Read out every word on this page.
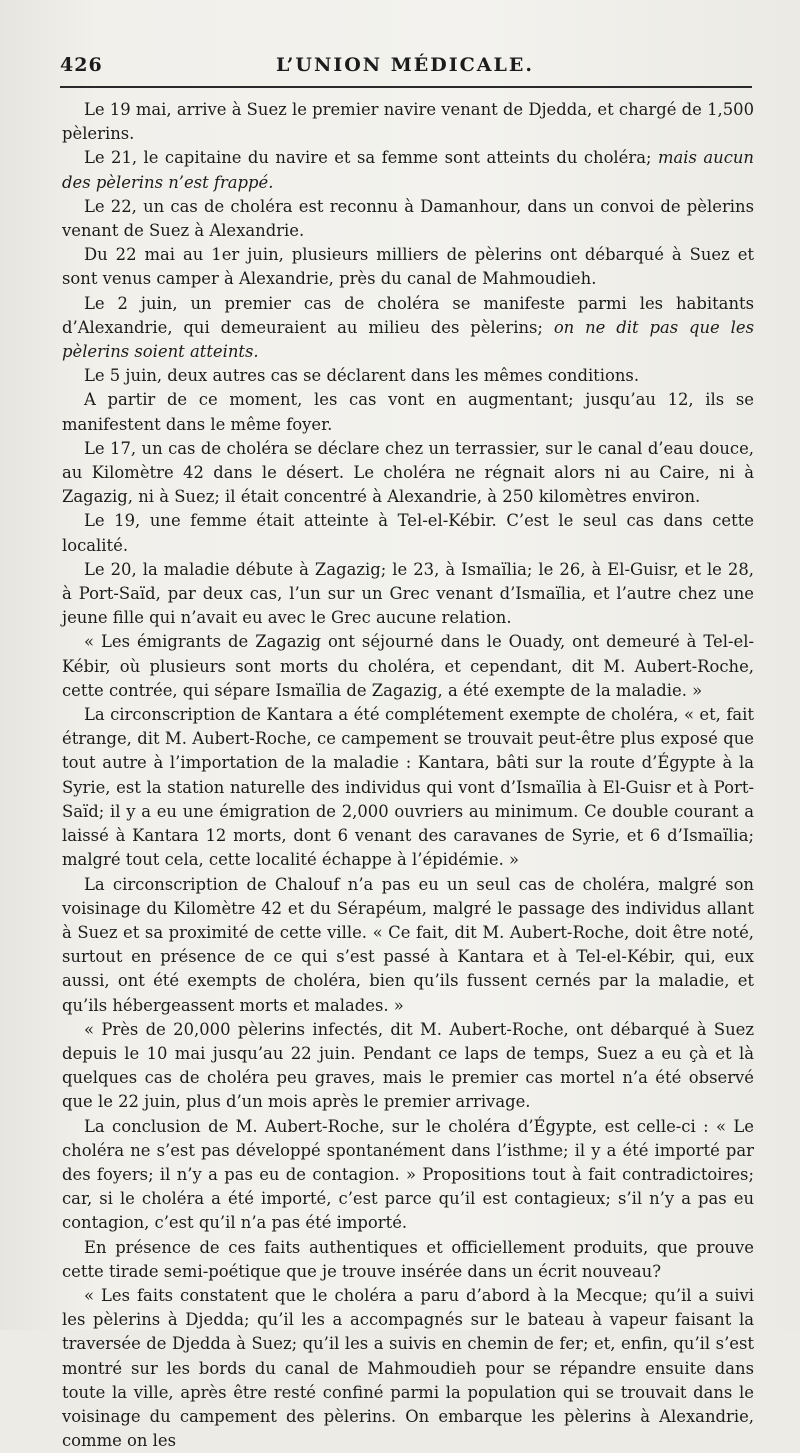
426	L’UNION MÉDICALE.

Le 19 mai, arrive à Suez le premier navire venant de Djedda, et chargé de 1,500 pèlerins.

Le 21, le capitaine du navire et sa femme sont atteints du choléra; mais aucun des pèlerins n’est frappé.

Le 22, un cas de choléra est reconnu à Damanhour, dans un convoi de pèlerins venant de Suez à Alexandrie.

Du 22 mai au 1er juin, plusieurs milliers de pèlerins ont débarqué à Suez et sont venus camper à Alexandrie, près du canal de Mahmoudieh.

Le 2 juin, un premier cas de choléra se manifeste parmi les habitants d’Alexandrie, qui demeuraient au milieu des pèlerins; on ne dit pas que les pèlerins soient atteints.

Le 5 juin, deux autres cas se déclarent dans les mêmes conditions.

A partir de ce moment, les cas vont en augmentant; jusqu’au 12, ils se manifestent dans le même foyer.

Le 17, un cas de choléra se déclare chez un terrassier, sur le canal d’eau douce, au Kilomètre 42 dans le désert. Le choléra ne régnait alors ni au Caire, ni à Zagazig, ni à Suez; il était concentré à Alexandrie, à 250 kilomètres environ.

Le 19, une femme était atteinte à Tel-el-Kébir. C’est le seul cas dans cette localité.

Le 20, la maladie débute à Zagazig; le 23, à Ismaïlia; le 26, à El-Guisr, et le 28, à Port-Saïd, par deux cas, l’un sur un Grec venant d’Ismaïlia, et l’autre chez une jeune fille qui n’avait eu avec le Grec aucune relation.

« Les émigrants de Zagazig ont séjourné dans le Ouady, ont demeuré à Tel-el-Kébir, où plusieurs sont morts du choléra, et cependant, dit M. Aubert-Roche, cette contrée, qui sépare Ismaïlia de Zagazig, a été exempte de la maladie. »

La circonscription de Kantara a été complétement exempte de choléra, « et, fait étrange, dit M. Aubert-Roche, ce campement se trouvait peut-être plus exposé que tout autre à l’importation de la maladie : Kantara, bâti sur la route d’Égypte à la Syrie, est la station naturelle des individus qui vont d’Ismaïlia à El-Guisr et à Port-Saïd; il y a eu une émigration de 2,000 ouvriers au minimum. Ce double courant a laissé à Kantara 12 morts, dont 6 venant des caravanes de Syrie, et 6 d’Ismaïlia; malgré tout cela, cette localité échappe à l’épidémie. »

La circonscription de Chalouf n’a pas eu un seul cas de choléra, malgré son voisinage du Kilomètre 42 et du Sérapéum, malgré le passage des individus allant à Suez et sa proximité de cette ville. « Ce fait, dit M. Aubert-Roche, doit être noté, surtout en présence de ce qui s’est passé à Kantara et à Tel-el-Kébir, qui, eux aussi, ont été exempts de choléra, bien qu’ils fussent cernés par la maladie, et qu’ils hébergeassent morts et malades. »

« Près de 20,000 pèlerins infectés, dit M. Aubert-Roche, ont débarqué à Suez depuis le 10 mai jusqu’au 22 juin. Pendant ce laps de temps, Suez a eu çà et là quelques cas de choléra peu graves, mais le premier cas mortel n’a été observé que le 22 juin, plus d’un mois après le premier arrivage.

La conclusion de M. Aubert-Roche, sur le choléra d’Égypte, est celle-ci : « Le choléra ne s’est pas développé spontanément dans l’isthme; il y a été importé par des foyers; il n’y a pas eu de contagion. » Propositions tout à fait contradictoires; car, si le choléra a été importé, c’est parce qu’il est contagieux; s’il n’y a pas eu contagion, c’est qu’il n’a pas été importé.

En présence de ces faits authentiques et officiellement produits, que prouve cette tirade semi-poétique que je trouve insérée dans un écrit nouveau?

« Les faits constatent que le choléra a paru d’abord à la Mecque; qu’il a suivi les pèlerins à Djedda; qu’il les a accompagnés sur le bateau à vapeur faisant la traversée de Djedda à Suez; qu’il les a suivis en chemin de fer; et, enfin, qu’il s’est montré sur les bords du canal de Mahmoudieh pour se répandre ensuite dans toute la ville, après être resté confiné parmi la population qui se trouvait dans le voisinage du campement des pèlerins. On embarque les pèlerins à Alexandrie, comme on les
